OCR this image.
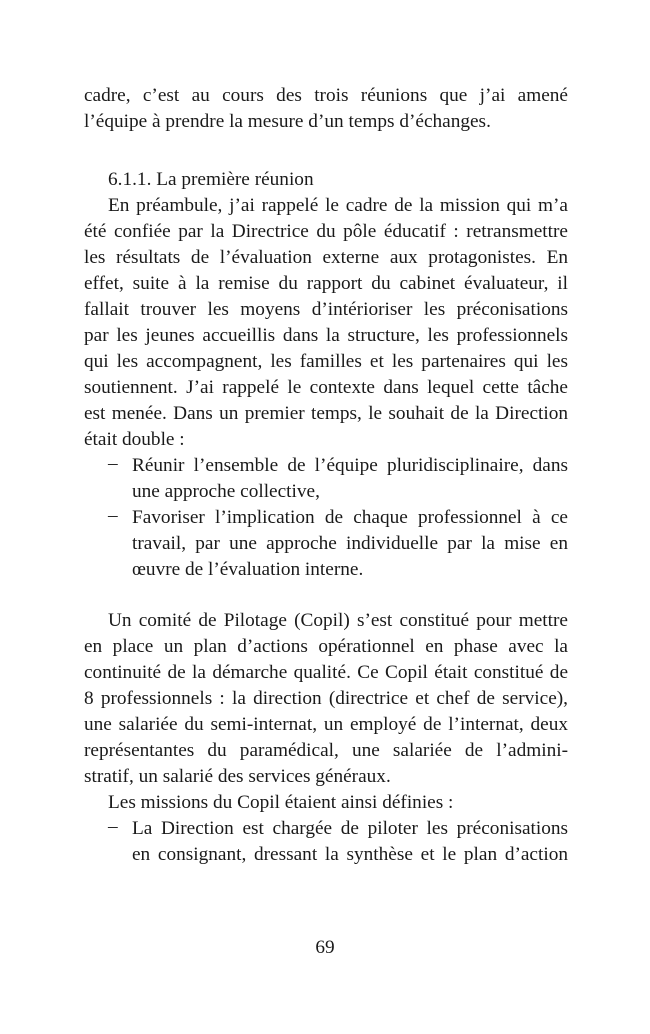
cadre, c’est au cours des trois réunions que j’ai amené
l’équipe à prendre la mesure d’un temps d’échanges.
6.1.1. La première réunion
En préambule, j’ai rappelé le cadre de la mission qui m’a
été confiée par la Directrice du pôle éducatif : retransmettre
les résultats de l’évaluation externe aux protagonistes. En
effet, suite à la remise du rapport du cabinet évaluateur, il
fallait trouver les moyens d’intérioriser les préconisations
par les jeunes accueillis dans la structure, les professionnels
qui les accompagnent, les familles et les partenaires qui les
soutiennent. J’ai rappelé le contexte dans lequel cette tâche
est menée. Dans un premier temps, le souhait de la Direction
était double :
– Réunir l’ensemble de l’équipe pluridisciplinaire, dans
une approche collective,
– Favoriser l’implication de chaque professionnel à ce
travail, par une approche individuelle par la mise en
œuvre de l’évaluation interne.
Un comité de Pilotage (Copil) s’est constitué pour mettre
en place un plan d’actions opérationnel en phase avec la
continuité de la démarche qualité. Ce Copil était constitué de
8 professionnels : la direction (directrice et chef de service),
une salariée du semi-internat, un employé de l’internat, deux
représentantes du paramédical, une salariée de l’admini-
stratif, un salarié des services généraux.
Les missions du Copil étaient ainsi définies :
– La Direction est chargée de piloter les préconisations
en consignant, dressant la synthèse et le plan d’action
69
